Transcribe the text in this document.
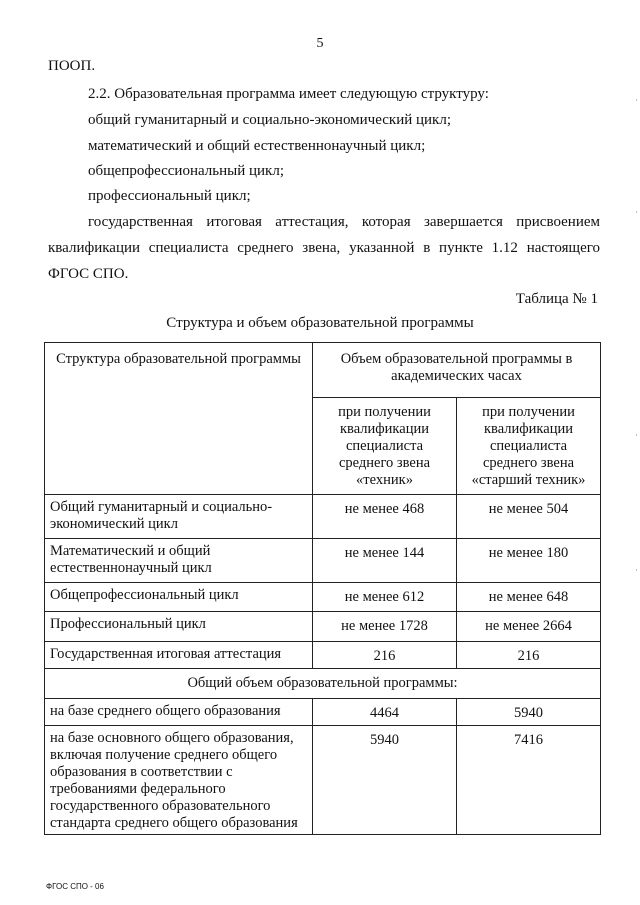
5
ПООП.
2.2. Образовательная программа имеет следующую структуру:
общий гуманитарный и социально-экономический цикл;
математический и общий естественнонаучный цикл;
общепрофессиональный цикл;
профессиональный цикл;
государственная итоговая аттестация, которая завершается присвоением
квалификации специалиста среднего звена, указанной в пункте 1.12 настоящего
ФГОС СПО.
Таблица № 1
Структура и объем образовательной программы
Структура образовательной программы	Объем образовательной программы в академических часах	
	при получении квалификации специалиста среднего звена «техник»	при получении квалификации специалиста среднего звена «старший техник»
Общий гуманитарный и социально-экономический цикл	не менее 468	не менее 504
Математический и общий естественнонаучный цикл	не менее 144	не менее 180
Общепрофессиональный цикл	не менее 612	не менее 648
Профессиональный цикл	не менее 1728	не менее 2664
Государственная итоговая аттестация	216	216
Общий объем образовательной программы:		
на базе среднего общего образования	4464	5940
на базе основного общего образования, включая получение среднего общего образования в соответствии с требованиями федерального государственного образовательного стандарта среднего общего образования	5940	7416
ФГОС СПО - 06
·
·
·
·
